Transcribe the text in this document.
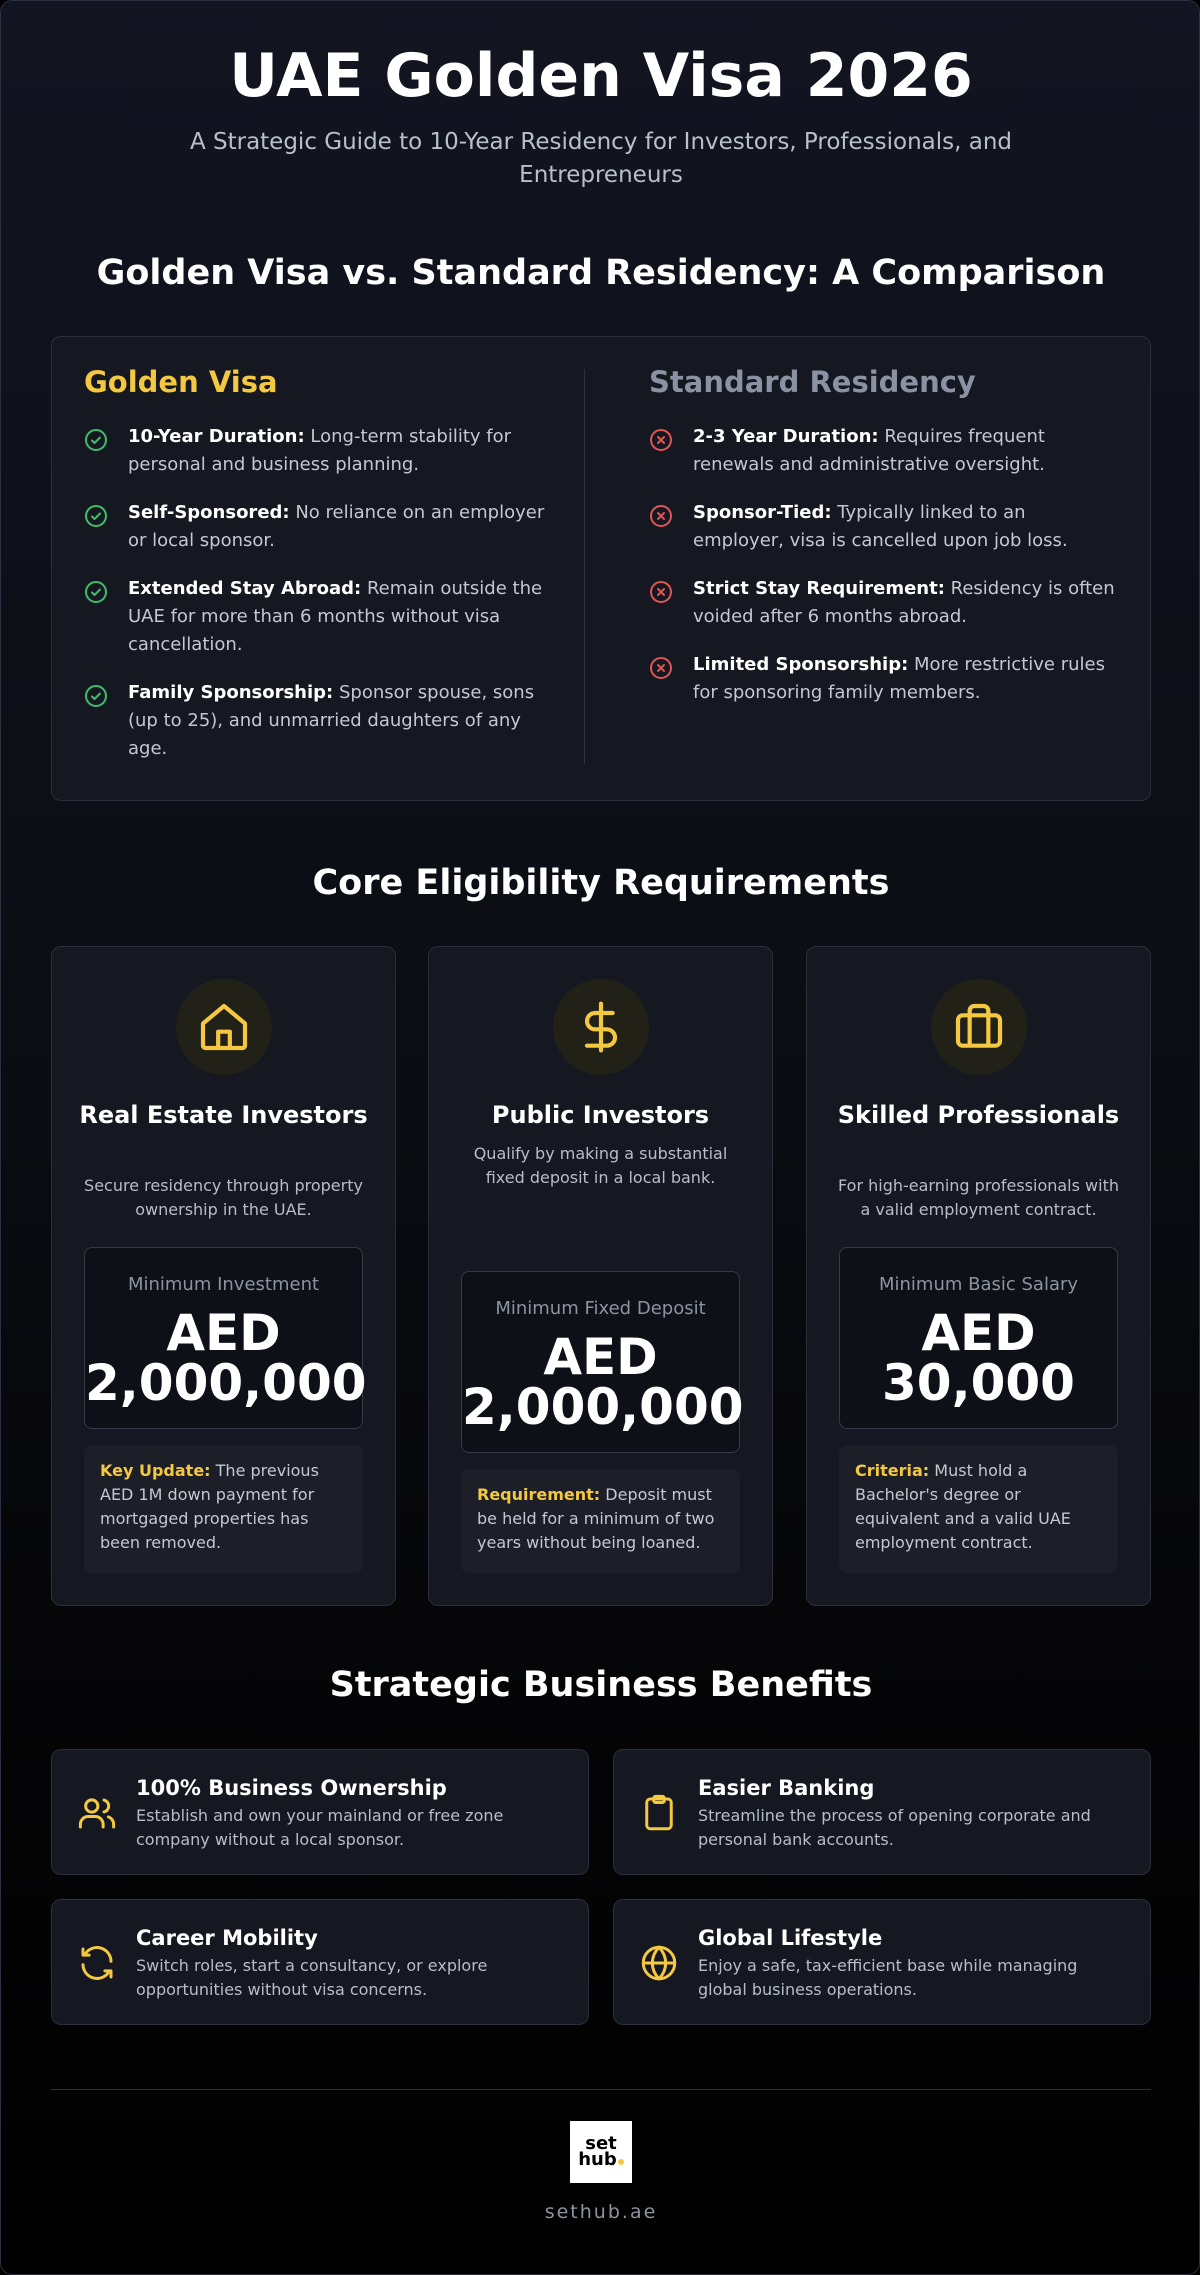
UAE Golden Visa 2026

A Strategic Guide to 10-Year Residency for Investors, Professionals, and Entrepreneurs

Golden Visa vs. Standard Residency: A Comparison
Golden Visa
10-Year Duration: Long-term stability for personal and business planning.
Self-Sponsored: No reliance on an employer or local sponsor.
Extended Stay Abroad: Remain outside the UAE for more than 6 months without visa cancellation.
Family Sponsorship: Sponsor spouse, sons (up to 25), and unmarried daughters of any age.
Standard Residency
2-3 Year Duration: Requires frequent renewals and administrative oversight.
Sponsor-Tied: Typically linked to an employer, visa is cancelled upon job loss.
Strict Stay Requirement: Residency is often voided after 6 months abroad.
Limited Sponsorship: More restrictive rules for sponsoring family members.
Core Eligibility Requirements
Real Estate Investors
Secure residency through property ownership in the UAE.
Minimum Investment
AED
2,000,000
Key Update: The previous AED 1M down payment for mortgaged properties has been removed.
Public Investors
Qualify by making a substantial fixed deposit in a local bank.
Minimum Fixed Deposit
AED
2,000,000
Requirement: Deposit must be held for a minimum of two years without being loaned.
Skilled Professionals
For high-earning professionals with a valid employment contract.
Minimum Basic Salary
AED
30,000
Criteria: Must hold a Bachelor's degree or equivalent and a valid UAE employment contract.
Strategic Business Benefits
100% Business Ownership
Establish and own your mainland or free zone company without a local sponsor.
Easier Banking
Streamline the process of opening corporate and personal bank accounts.
Career Mobility
Switch roles, start a consultancy, or explore opportunities without visa concerns.
Global Lifestyle
Enjoy a safe, tax-efficient base while managing global business operations.
set
hub
sethub.ae
